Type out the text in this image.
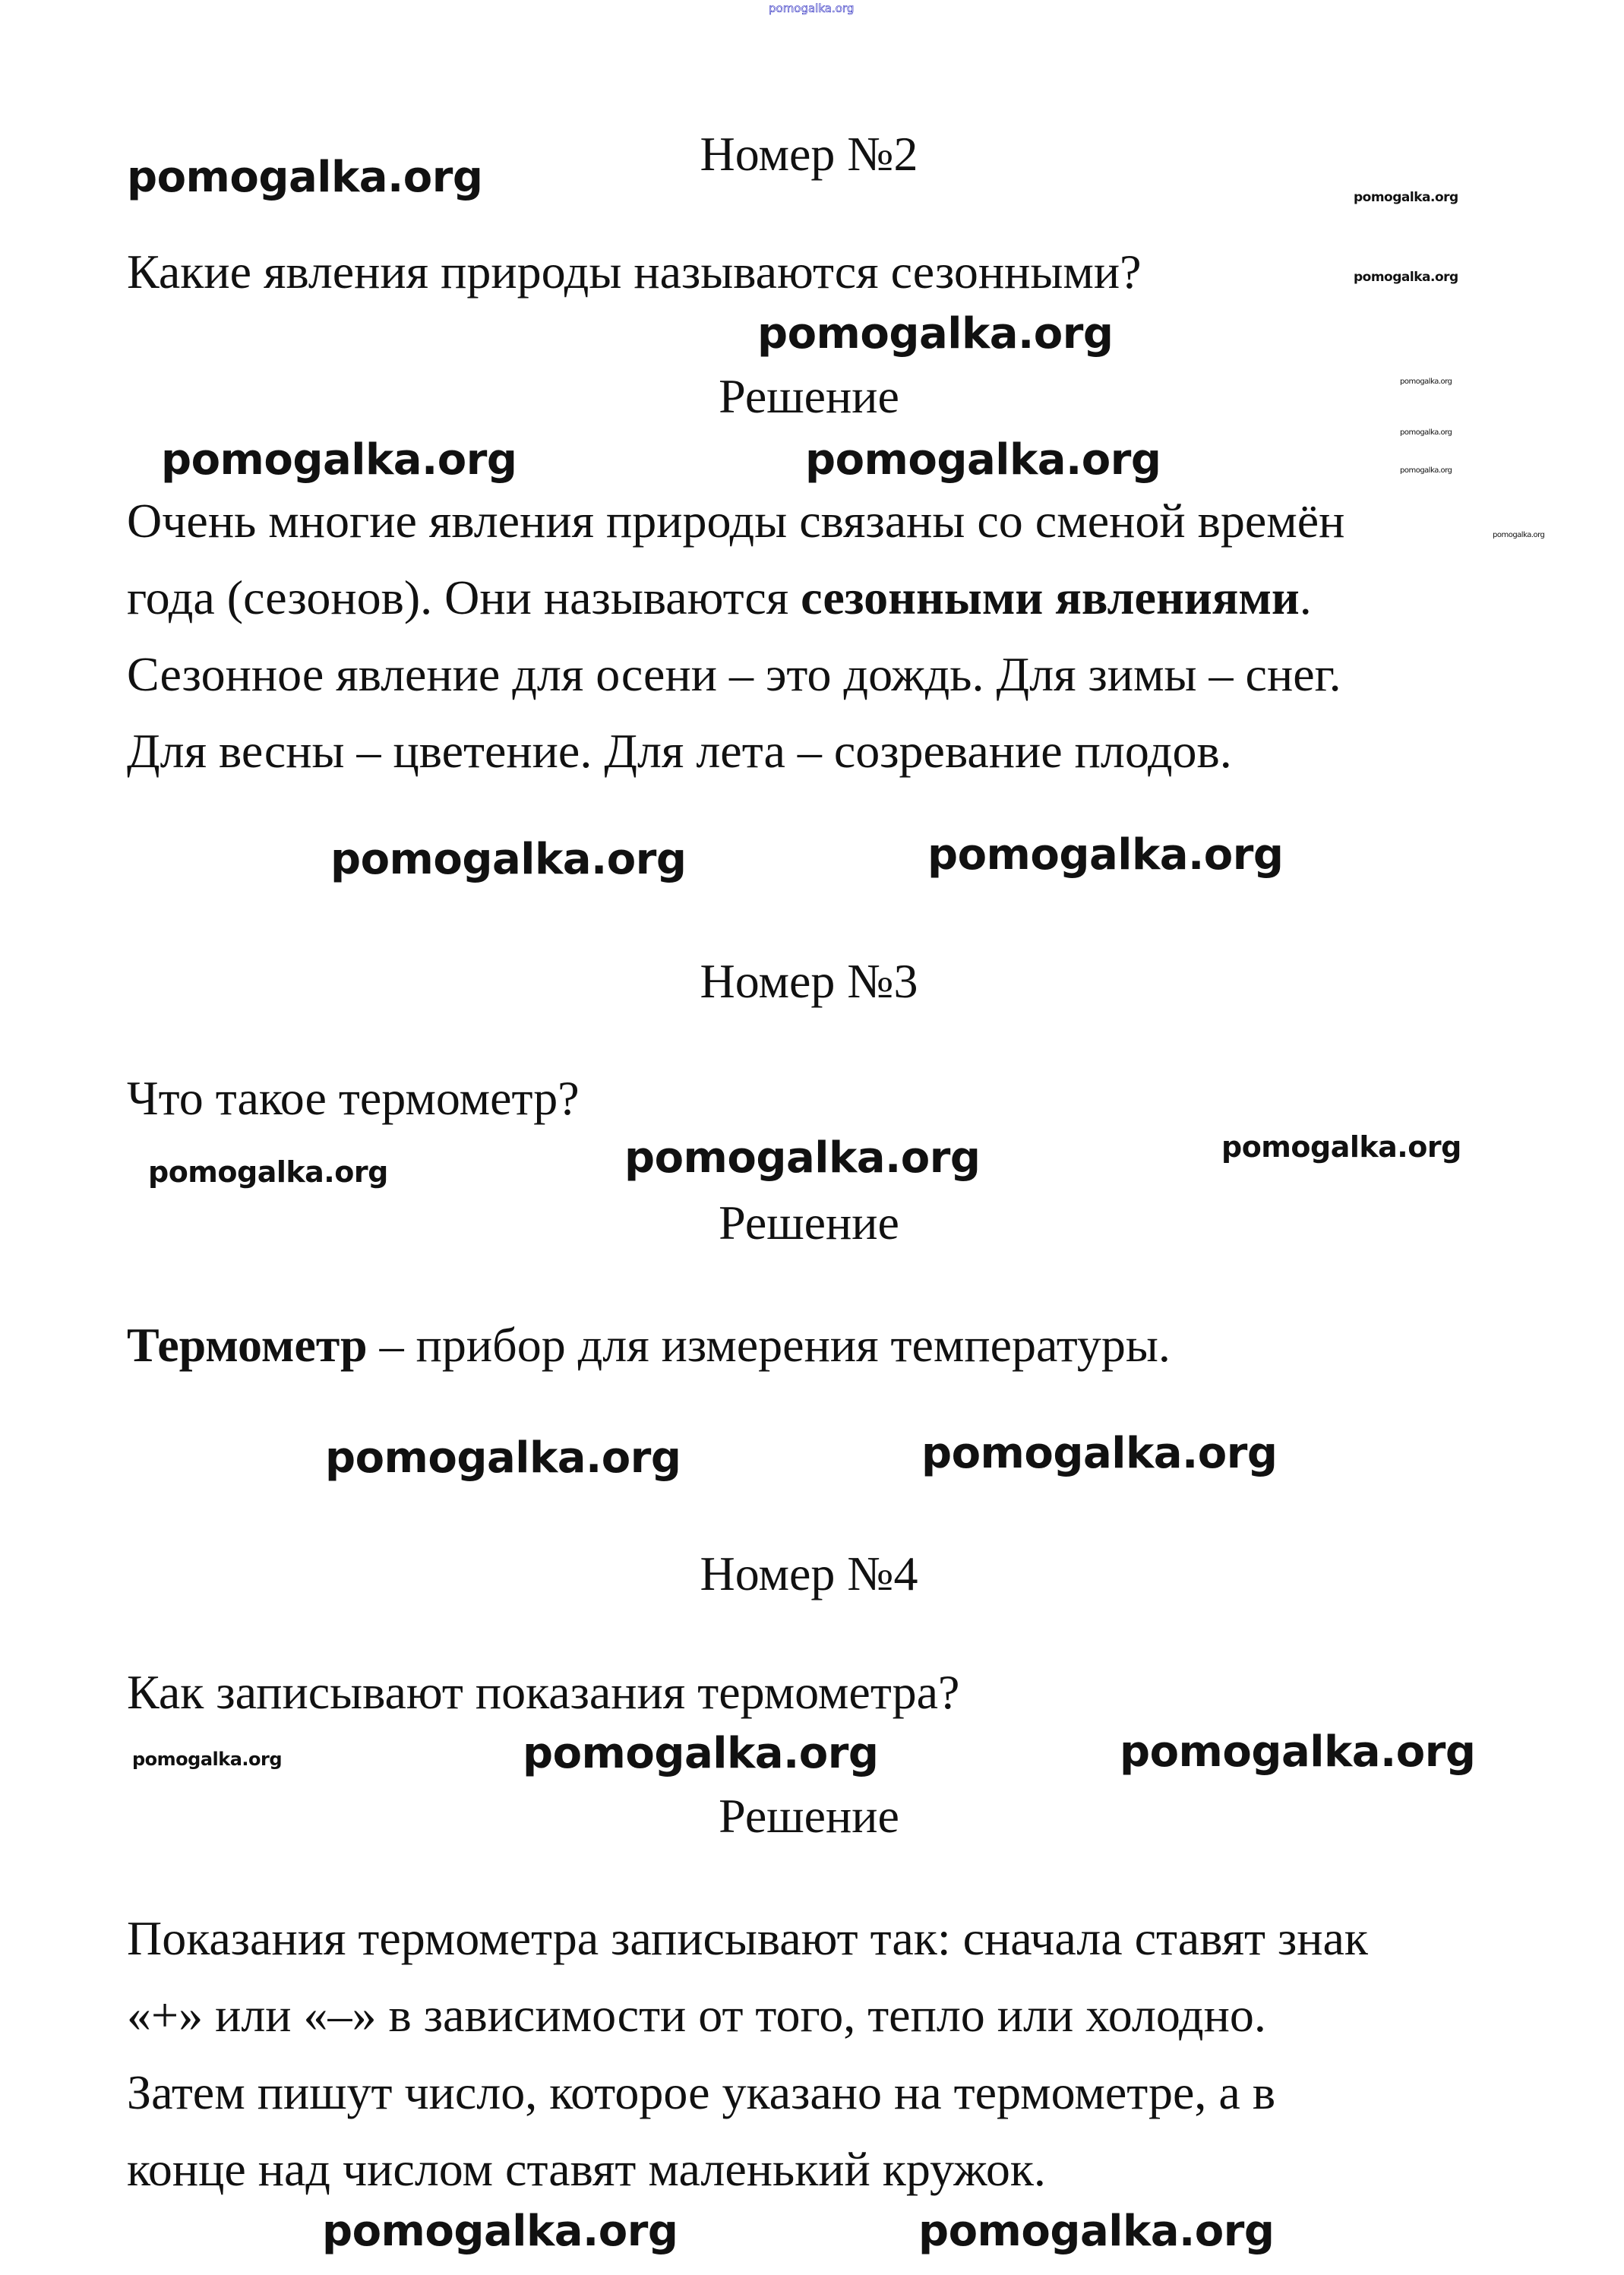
pomogalka.org
Номер №2
Какие явления природы называются сезонными?
Решение
Очень многие явления природы связаны со сменой времён
года (сезонов). Они называются сезонными явлениями.
Сезонное явление для осени – это дождь. Для зимы – снег.
Для весны – цветение. Для лета – созревание плодов.
Номер №3
Что такое термометр?
Решение
Термометр – прибор для измерения температуры.
Номер №4
Как записывают показания термометра?
Решение
Показания термометра записывают так: сначала ставят знак
«+» или «–» в зависимости от того, тепло или холодно.
Затем пишут число, которое указано на термометре, а в
конце над числом ставят маленький кружок.
pomogalka.org
pomogalka.org
pomogalka.org	pomogalka.org
pomogalka.org	pomogalka.org
pomogalka.org
pomogalka.org	pomogalka.org
pomogalka.org	pomogalka.org
pomogalka.org	pomogalka.org
pomogalka.org
pomogalka.org
pomogalka.org
pomogalka.org
pomogalka.org
pomogalka.org
pomogalka.org
pomogalka.org
pomogalka.org
